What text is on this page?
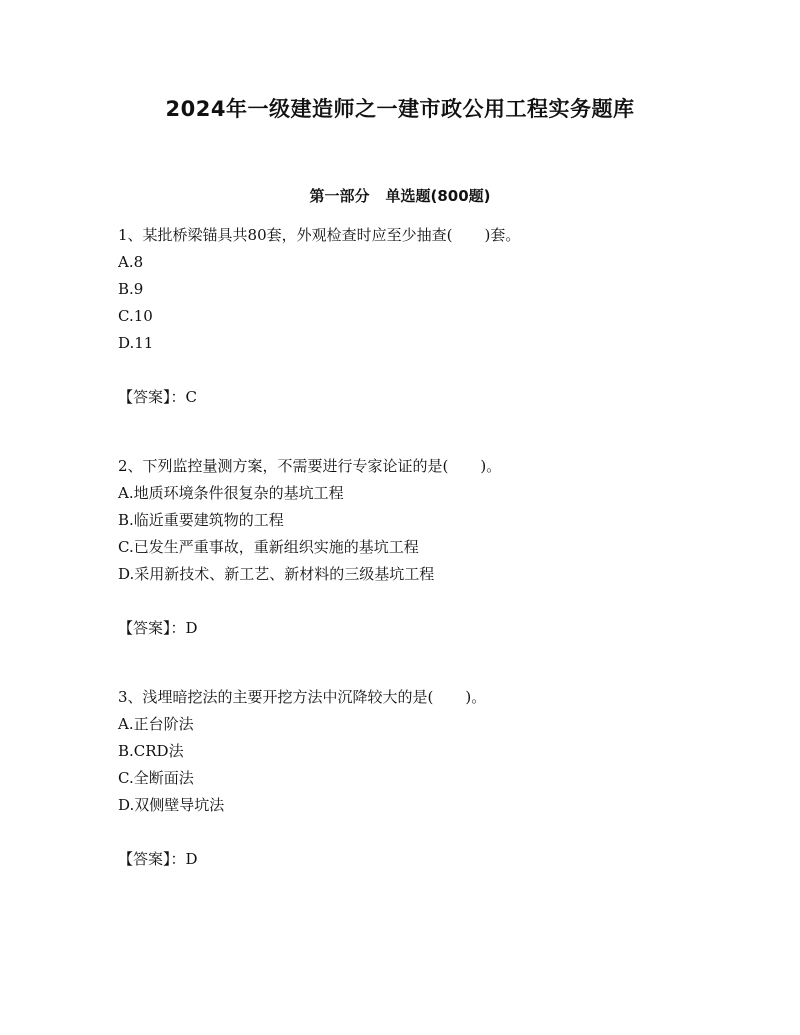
2024年一级建造师之一建市政公用工程实务题库
第一部分 单选题(800题)
1、某批桥梁锚具共80套，外观检查时应至少抽查( )套。
A.8
B.9
C.10
D.11
【答案】：C
2、下列监控量测方案，不需要进行专家论证的是( )。
A.地质环境条件很复杂的基坑工程
B.临近重要建筑物的工程
C.已发生严重事故，重新组织实施的基坑工程
D.采用新技术、新工艺、新材料的三级基坑工程
【答案】：D
3、浅埋暗挖法的主要开挖方法中沉降较大的是( )。
A.正台阶法
B.CRD法
C.全断面法
D.双侧壁导坑法
【答案】：D
